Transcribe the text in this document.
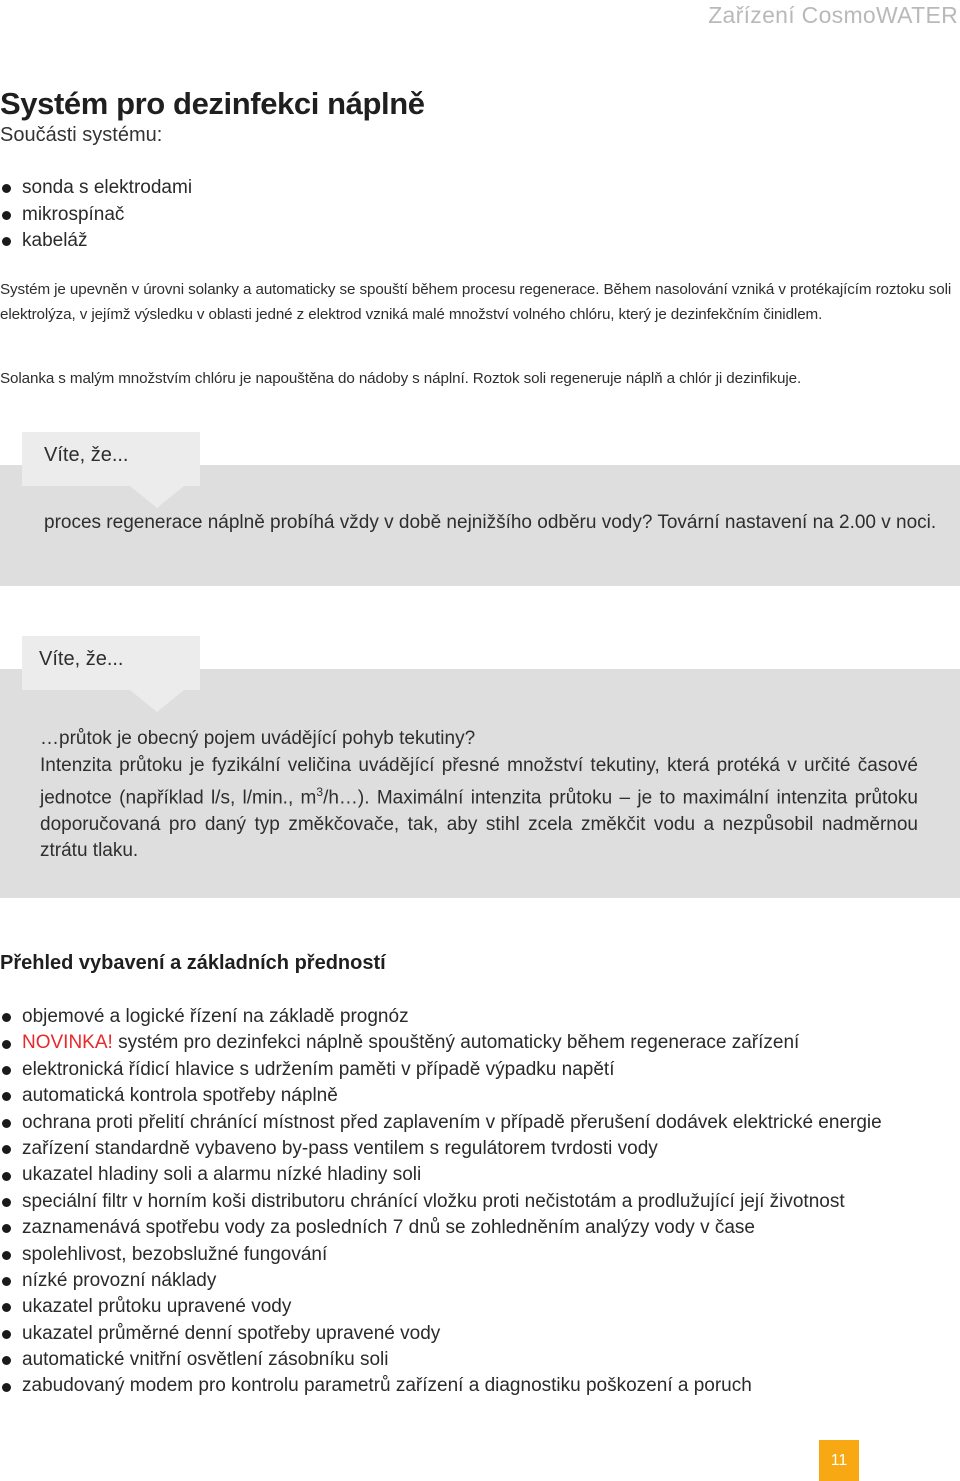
Zařízení CosmoWATER
Systém pro dezinfekci náplně
Součásti systému:
sonda s elektrodami
mikrospínač
kabeláž

Systém je upevněn v úrovni solanky a automaticky se spouští během procesu regenerace. Během nasolování vzniká v protékajícím roztoku soli elektrolýza, v jejímž výsledku v oblasti jedné z elektrod vzniká malé množství volného chlóru, který je dezinfekčním činidlem.

Solanka s malým množstvím chlóru je napouštěna do nádoby s náplní. Roztok soli regeneruje náplň a chlór ji dezinfikuje.

Víte, že...
proces regenerace náplně probíhá vždy v době nejnižšího odběru vody? Tovární nastavení na 2.00 v noci.
Víte, že...
…průtok je obecný pojem uvádějící pohyb tekutiny?
Intenzita průtoku je fyzikální veličina uvádějící přesné množství tekutiny, která protéká v určité časové jednotce (například l/s, l/min., $m^3/h\dots$). Maximální intenzita průtoku – je to maximální intenzita průtoku doporučovaná pro daný typ změkčovače, tak, aby stihl zcela změkčit vodu a nezpůsobil nadměrnou ztrátu tlaku.
Přehled vybavení a základních předností
objemové a logické řízení na základě prognóz
NOVINKA! systém pro dezinfekci náplně spouštěný automaticky během regenerace zařízení
elektronická řídicí hlavice s udržením paměti v případě výpadku napětí
automatická kontrola spotřeby náplně
ochrana proti přelití chránící místnost před zaplavením v případě přerušení dodávek elektrické energie
zařízení standardně vybaveno by-pass ventilem s regulátorem tvrdosti vody
ukazatel hladiny soli a alarmu nízké hladiny soli
speciální filtr v horním koši distributoru chránící vložku proti nečistotám a prodlužující její životnost
zaznamenává spotřebu vody za posledních 7 dnů se zohledněním analýzy vody v čase
spolehlivost, bezobslužné fungování
nízké provozní náklady
ukazatel průtoku upravené vody
ukazatel průměrné denní spotřeby upravené vody
automatické vnitřní osvětlení zásobníku soli
zabudovaný modem pro kontrolu parametrů zařízení a diagnostiku poškození a poruch
11
